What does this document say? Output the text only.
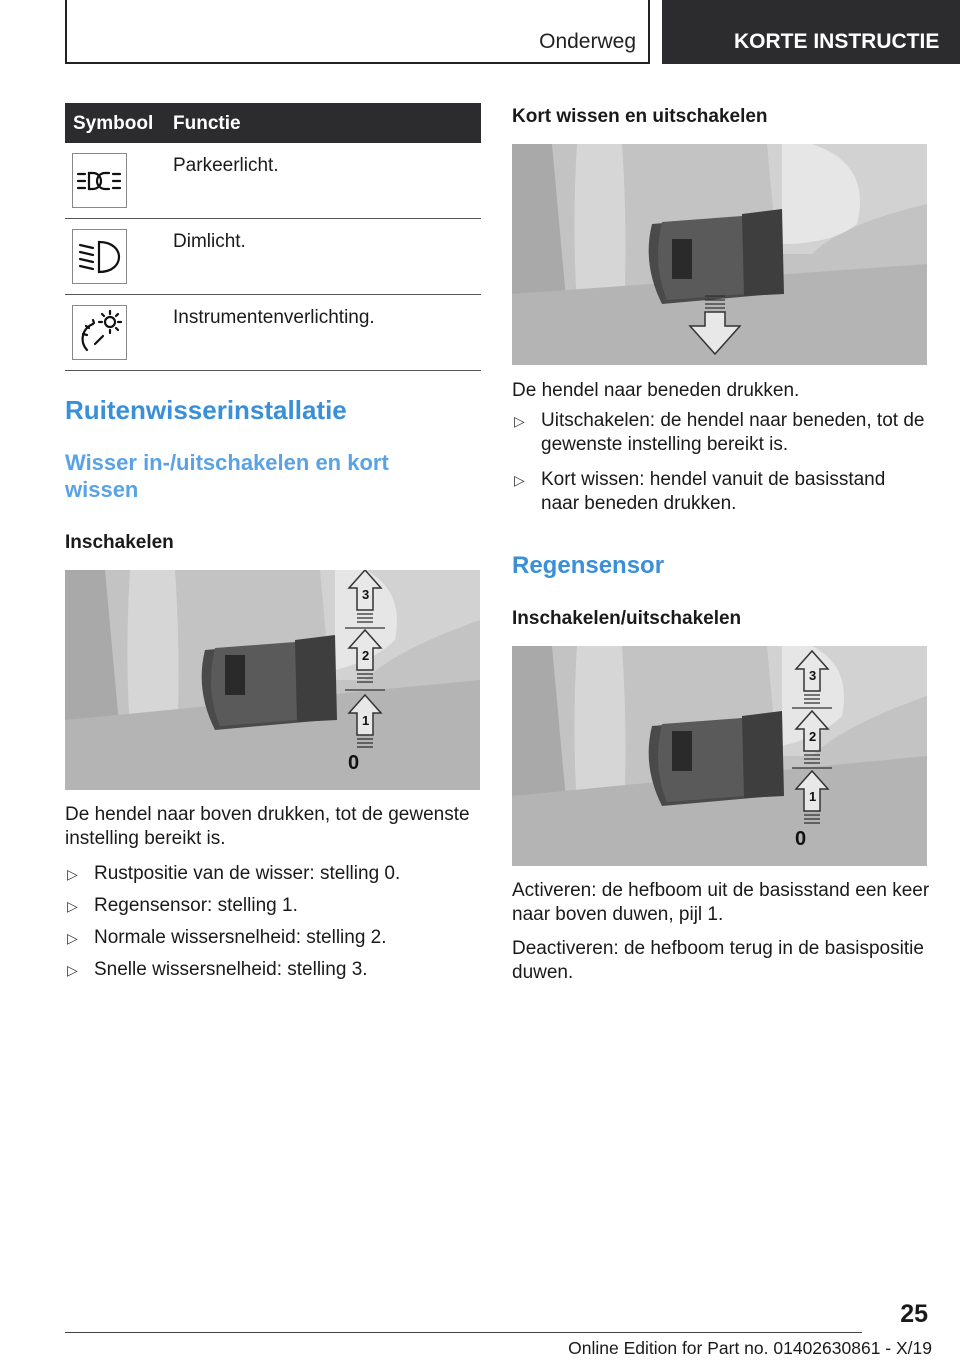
Onderweg	KORTE INSTRUCTIE
Symbool Functie
Parkeerlicht.
Dimlicht.
Instrumentenverlichting.
Ruitenwisserinstallatie
Wisser in-/uitschakelen en kort wissen
Inschakelen
3
2
1
0
De hendel naar boven drukken, tot de gewenste instelling bereikt is.
▷ Rustpositie van de wisser: stelling 0.
▷ Regensensor: stelling 1.
▷ Normale wissersnelheid: stelling 2.
▷ Snelle wissersnelheid: stelling 3.
Kort wissen en uitschakelen
De hendel naar beneden drukken.
▷ Uitschakelen: de hendel naar beneden, tot de gewenste instelling bereikt is.
▷ Kort wissen: hendel vanuit de basisstand naar beneden drukken.
Regensensor
Inschakelen/uitschakelen
3
2
1
0
Activeren: de hefboom uit de basisstand een keer naar boven duwen, pijl 1.
Deactiveren: de hefboom terug in de basispositie duwen.
25
Online Edition for Part no. 01402630861 - X/19
